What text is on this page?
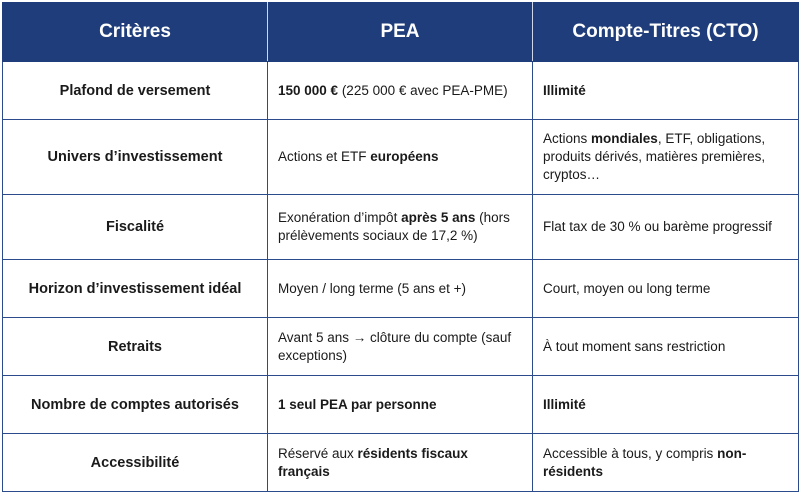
Critères	PEA	Compte-Titres (CTO)
Plafond de versement	150 000 € (225 000 € avec PEA-PME)	Illimité
Univers d’investissement	Actions et ETF européens	Actions mondiales, ETF, obligations, produits dérivés, matières premières, cryptos…
Fiscalité	Exonération d’impôt après 5 ans (hors prélèvements sociaux de 17,2 %)	Flat tax de 30 % ou barème progressif
Horizon d’investissement idéal	Moyen / long terme (5 ans et +)	Court, moyen ou long terme
Retraits	Avant 5 ans → clôture du compte (sauf exceptions)	À tout moment sans restriction
Nombre de comptes autorisés	1 seul PEA par personne	Illimité
Accessibilité	Réservé aux résidents fiscaux français	Accessible à tous, y compris non-résidents
